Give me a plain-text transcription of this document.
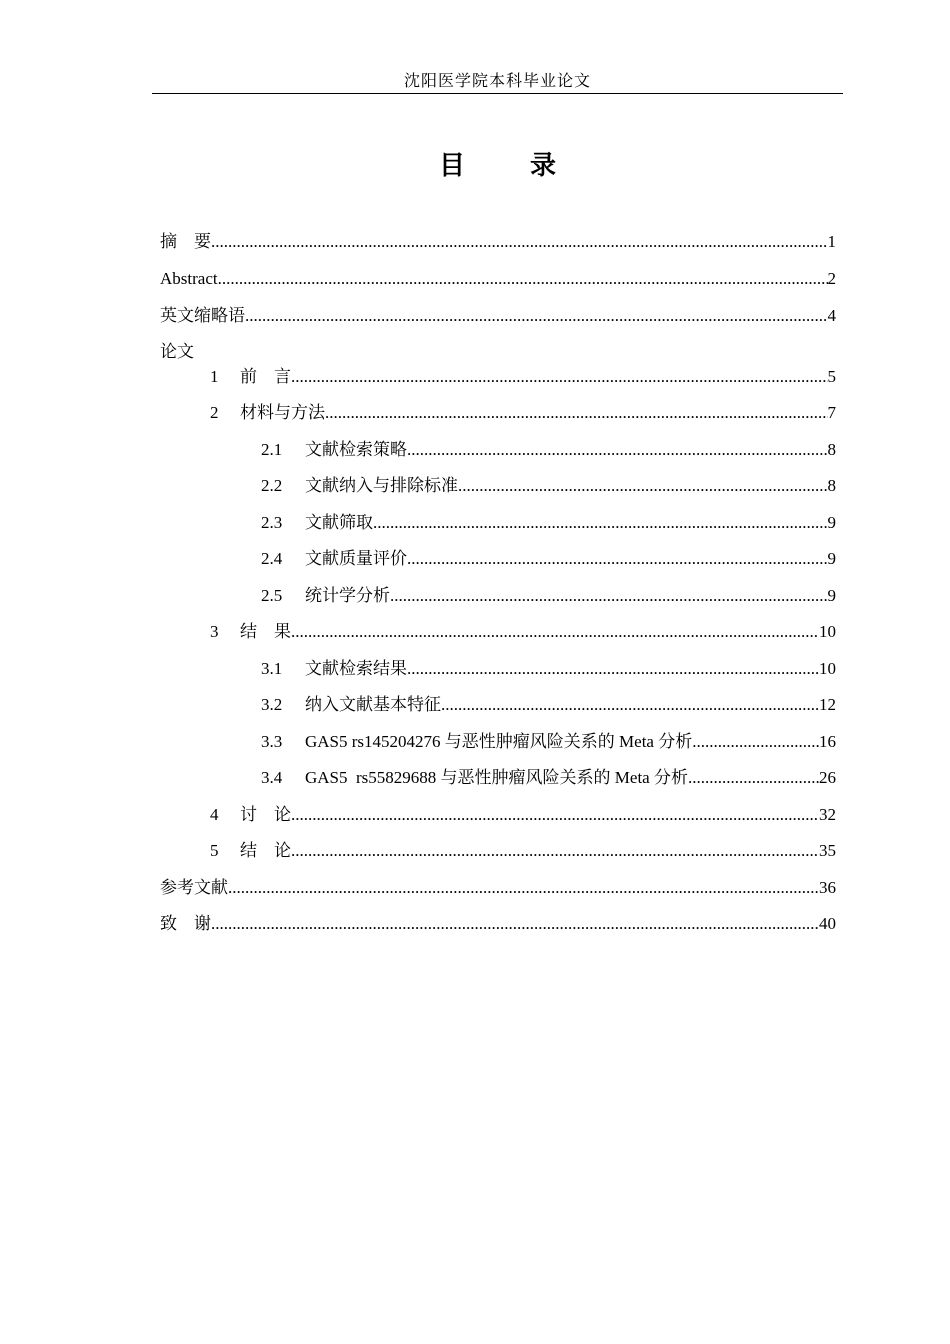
沈阳医学院本科毕业论文
目 录
摘　要 .....	1
Abstract .....	2
英文缩略语 .....	4
论文
1	前　言 .....	5
2	材料与方法 .....	7
2.1	文献检索策略 .....	8
2.2	文献纳入与排除标准 .....	8
2.3	文献筛取 .....	9
2.4	文献质量评价 .....	9
2.5	统计学分析 .....	9
3	结　果 .....	10
3.1	文献检索结果 .....	10
3.2	纳入文献基本特征 .....	12
3.3	GAS5 rs145204276 与恶性肿瘤风险关系的 Meta 分析 .....	16
3.4	GAS5  rs55829688 与恶性肿瘤风险关系的 Meta 分析 .....	26
4	讨　论 .....	32
5	结　论 .....	35
参考文献 .....	36
致　谢 .....	40
